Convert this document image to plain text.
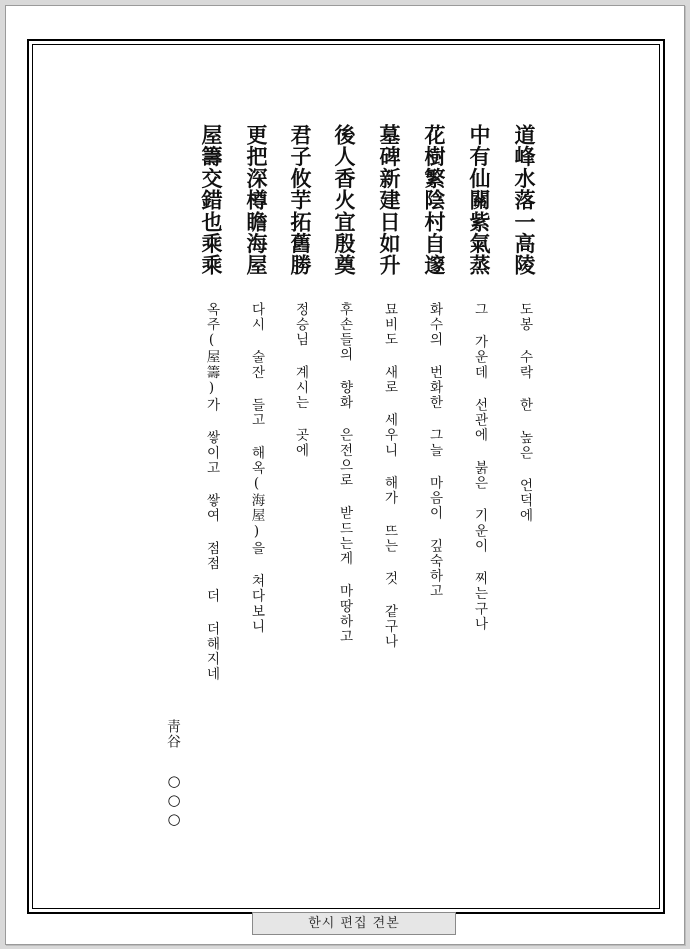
道峰水落一高陵
中有仙關紫氣蒸
花樹繁陰村自邃
墓碑新建日如升
後人香火宜殷奠
君子攸芋拓舊勝
更把深樽瞻海屋
屋籌交錯也乘乘
도봉 수락 한 높은 언덕에
그 가운데 선관에 붉은 기운이 찌는구나
화수의 번화한 그늘 마음이 깊숙하고
묘비도 새로 세우니 해가 뜨는 것 같구나
후손들의 향화 은전으로 받드는게 마땅하고
정승님 계시는 곳에
다시 술잔 들고 해옥(海屋)을 쳐다보니
옥주(屋籌)가 쌓이고 쌓여 점점 더 더해지네
靑谷
○○○
한시 편집 견본
